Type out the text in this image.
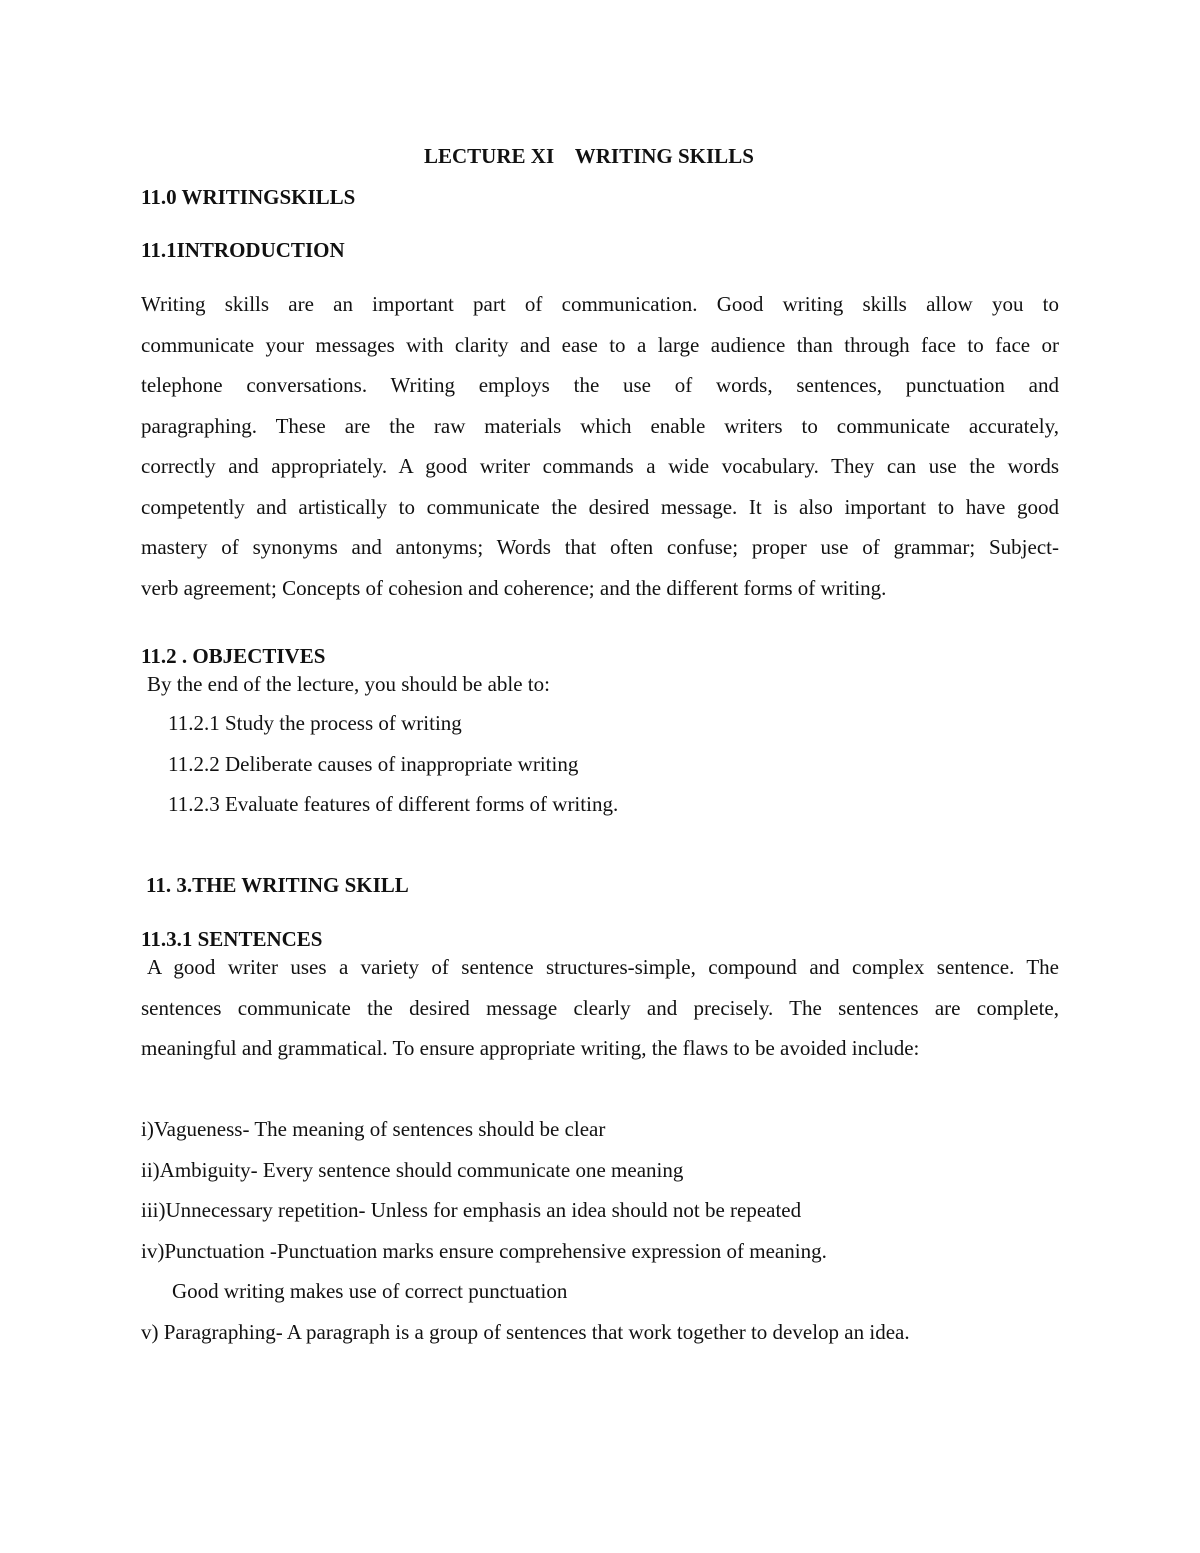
LECTURE XI    WRITING SKILLS
11.0 WRITINGSKILLS
11.1INTRODUCTION
Writing skills are an important part of communication. Good writing skills allow you to
communicate your messages with clarity and ease to a large audience than through face to face or
telephone conversations. Writing employs the use of words, sentences, punctuation and
paragraphing. These are the raw materials which enable writers to communicate accurately,
correctly and appropriately. A good writer commands a wide vocabulary. They can use the words
competently and artistically to communicate the desired message. It is also important to have good
mastery of synonyms and antonyms; Words that often confuse; proper use of grammar; Subject-
verb agreement; Concepts of cohesion and coherence; and the different forms of writing.
11.2 . OBJECTIVES
By the end of the lecture, you should be able to:
11.2.1 Study the process of writing
11.2.2 Deliberate causes of inappropriate writing
11.2.3 Evaluate features of different forms of writing.
11. 3.THE WRITING SKILL
11.3.1 SENTENCES
A good writer uses a variety of sentence structures-simple, compound and complex sentence. The
sentences communicate the desired message clearly and precisely. The sentences are complete,
meaningful and grammatical. To ensure appropriate writing, the flaws to be avoided include:
i)Vagueness- The meaning of sentences should be clear
ii)Ambiguity- Every sentence should communicate one meaning
iii)Unnecessary repetition- Unless for emphasis an idea should not be repeated
iv)Punctuation -Punctuation marks ensure comprehensive expression of meaning.
Good writing makes use of correct punctuation
v) Paragraphing- A paragraph is a group of sentences that work together to develop an idea.
